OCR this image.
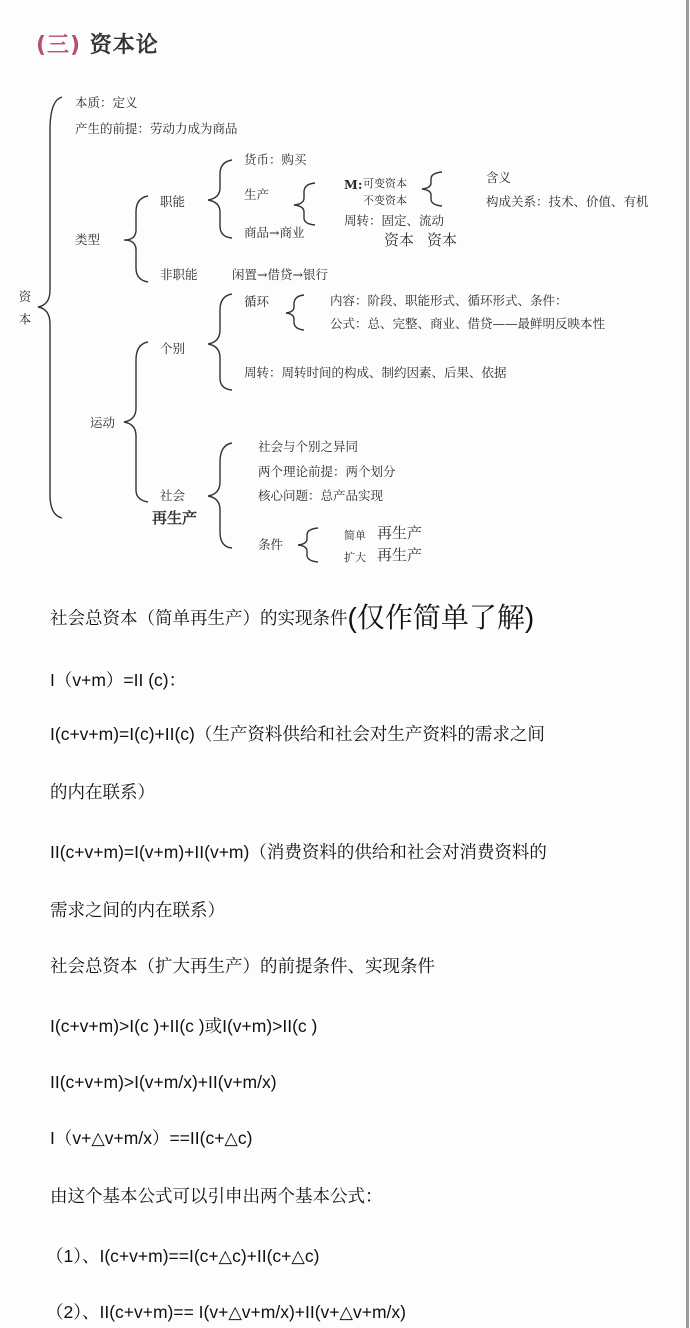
(三) 资本论
资本
本质：定义
产生的前提：劳动力成为商品
类型
职能
货币：购买
生产
商品→商业
M: 可变资本
不变资本
含义
构成关系：技术、价值、有机
周转：固定、流动
资本 资本
非职能	闲置→借贷→银行
运动
个别
循环	内容：阶段、职能形式、循环形式、条件：
公式：总、完整、商业、借贷——最鲜明反映本性
周转：周转时间的构成、制约因素、后果、依据
社会
再生产
社会与个别之异同
两个理论前提：两个划分
核心问题：总产品实现
条件
简单 再生产
扩大 再生产
社会总资本（简单再生产）的实现条件(仅作简单了解)
I（v+m）=II (c)：
I(c+v+m)=I(c)+II(c)（生产资料供给和社会对生产资料的需求之间
的内在联系）
II(c+v+m)=I(v+m)+II(v+m)（消费资料的供给和社会对消费资料的
需求之间的内在联系）
社会总资本（扩大再生产）的前提条件、实现条件
I(c+v+m)>I(c )+II(c )或I(v+m)>II(c )
II(c+v+m)>I(v+m/x)+II(v+m/x)
I（v+△v+m/x）==II(c+△c)
由这个基本公式可以引申出两个基本公式：
（1）、I(c+v+m)==I(c+△c)+II(c+△c)
（2）、II(c+v+m)== I(v+△v+m/x)+II(v+△v+m/x)
